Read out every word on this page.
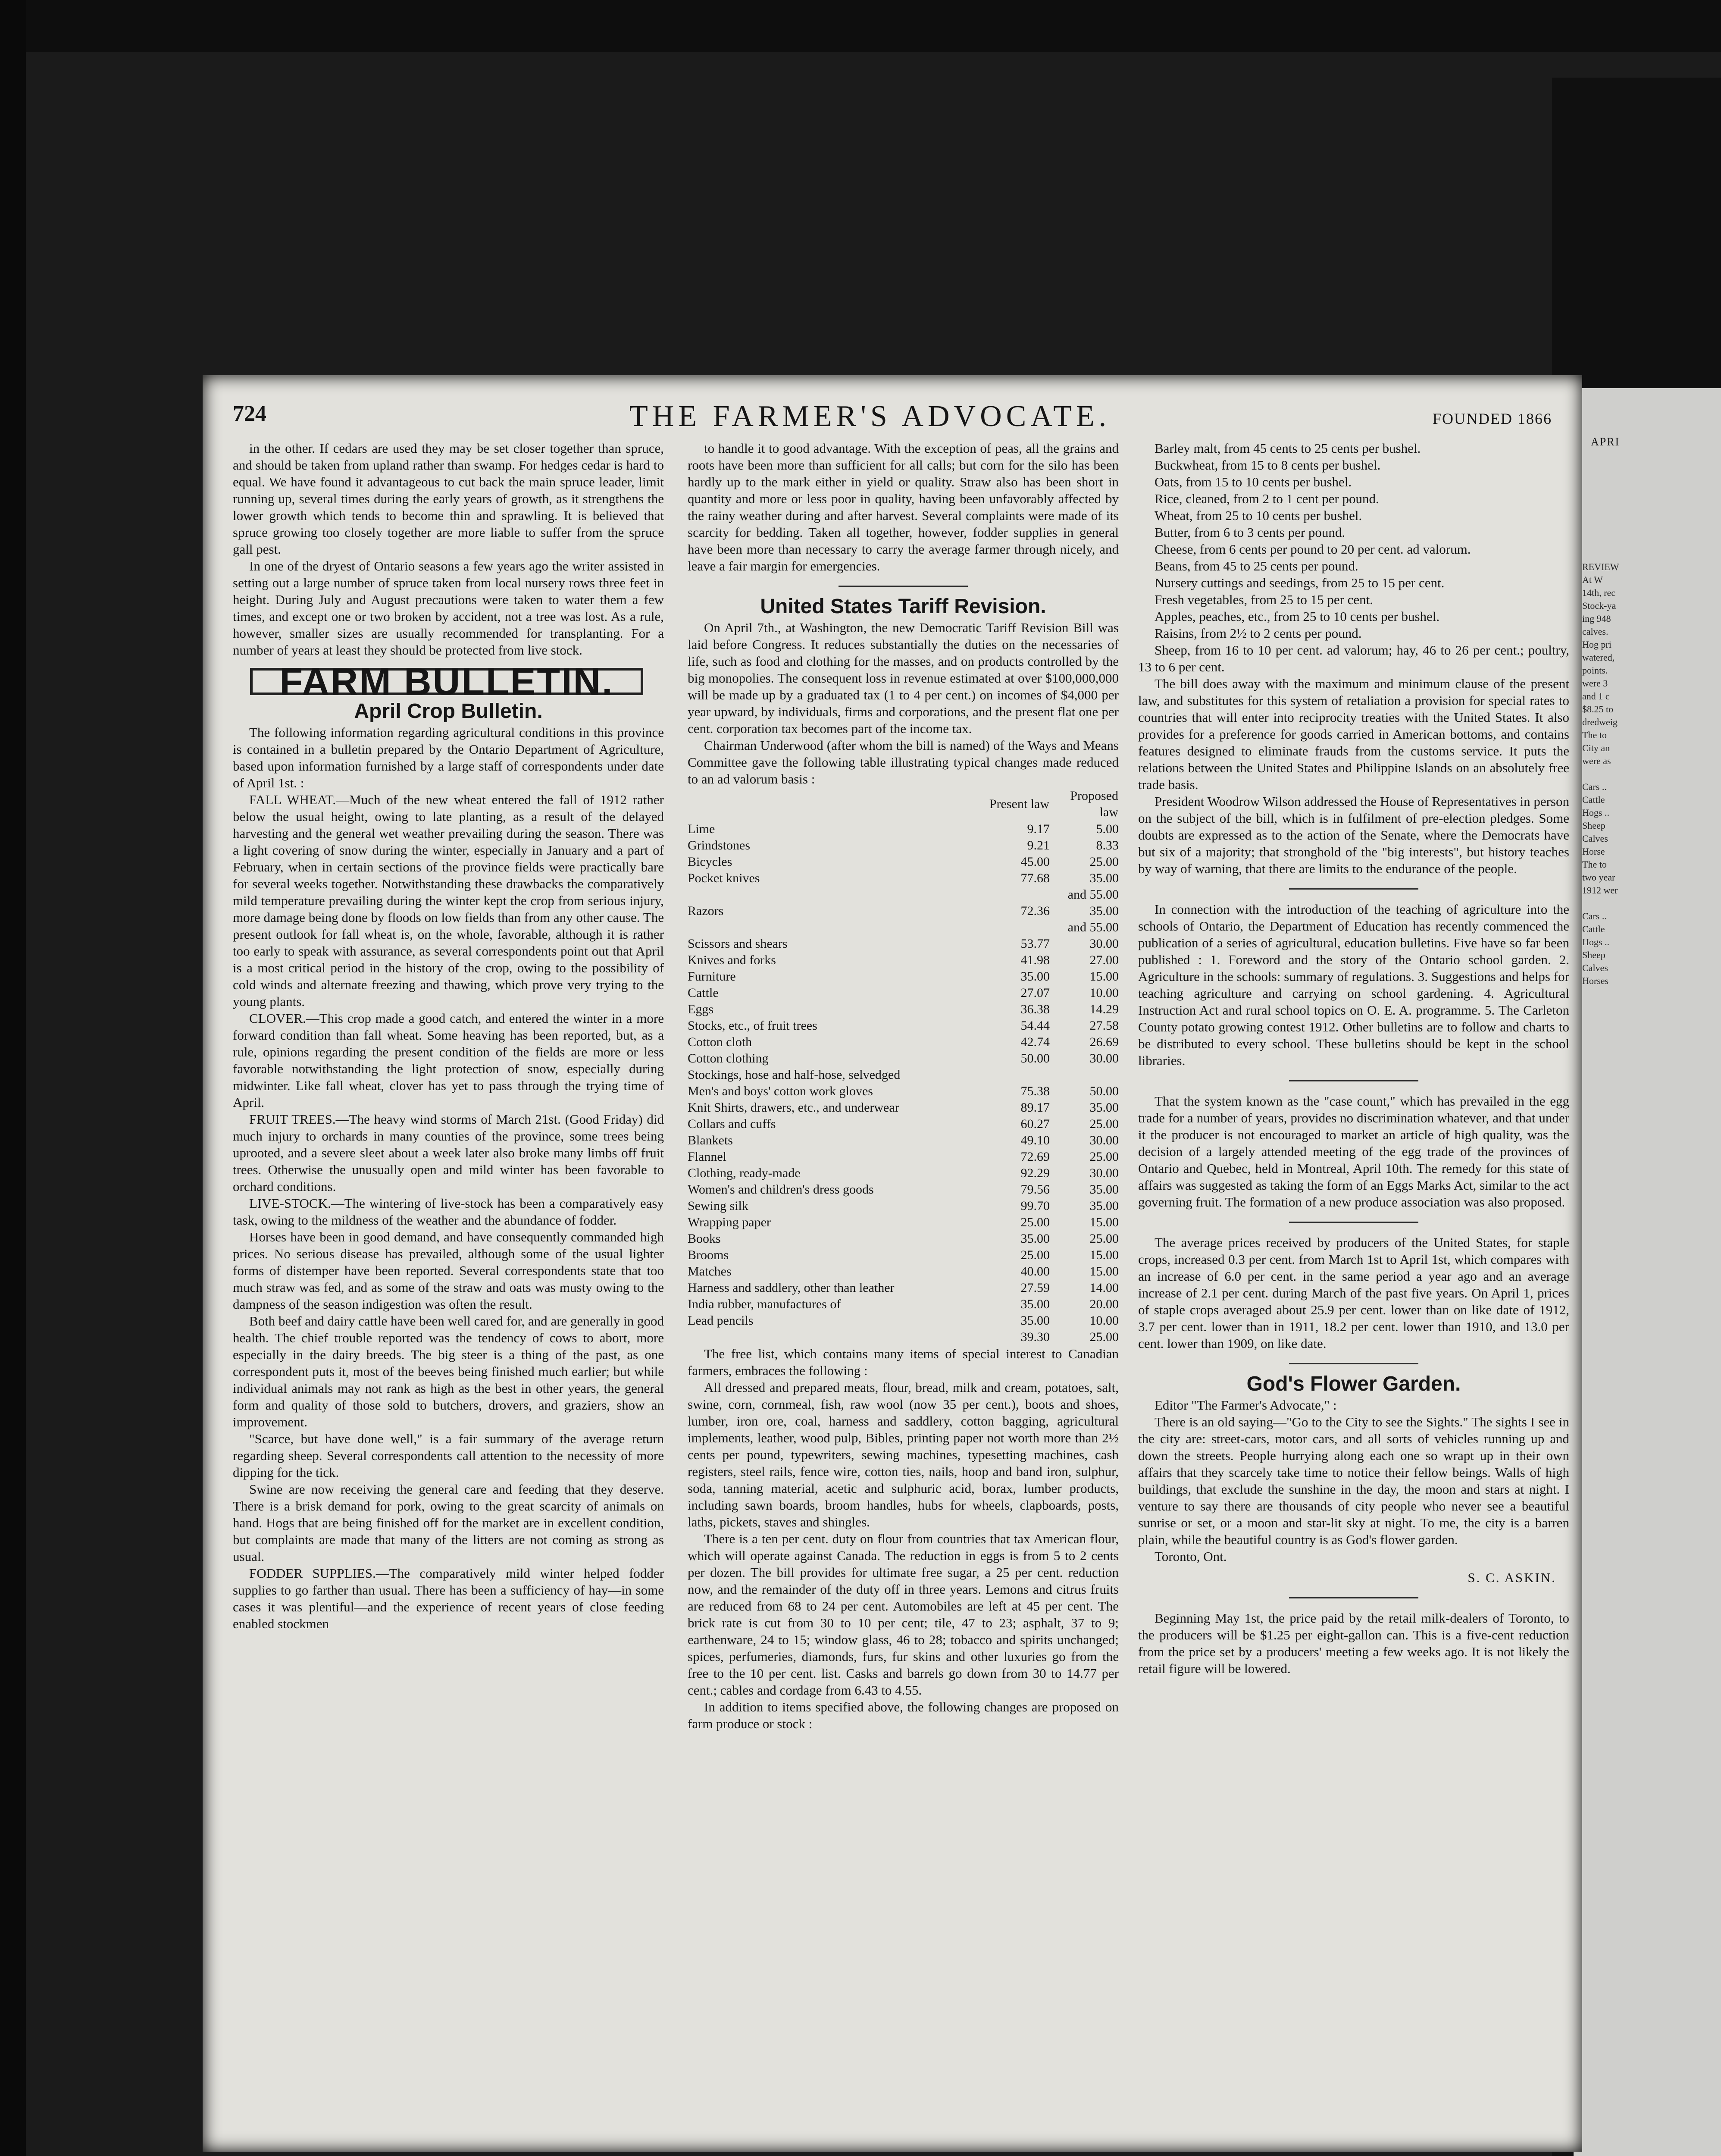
APRI
REVIEW
At W
14th, rec
Stock-ya
ing 948
calves.
Hog pri
watered,
points.
were 3
and 1 c
$8.25 to
dredweig
The to
City an
were as

Cars ..
Cattle
Hogs ..
Sheep
Calves
Horse
The to
two year
1912 wer

Cars ..
Cattle
Hogs ..
Sheep
Calves
Horses
724	THE FARMER'S ADVOCATE.	FOUNDED 1866

in the other. If cedars are used they may be set closer together than spruce, and should be taken from upland rather than swamp. For hedges cedar is hard to equal. We have found it advantageous to cut back the main spruce leader, limit running up, several times during the early years of growth, as it strengthens the lower growth which tends to become thin and sprawling. It is believed that spruce growing too closely together are more liable to suffer from the spruce gall pest.

In one of the dryest of Ontario seasons a few years ago the writer assisted in setting out a large number of spruce taken from local nursery rows three feet in height. During July and August precautions were taken to water them a few times, and except one or two broken by accident, not a tree was lost. As a rule, however, smaller sizes are usually recommended for transplanting. For a number of years at least they should be protected from live stock.

FARM BULLETIN.
April Crop Bulletin.

The following information regarding agricultural conditions in this province is contained in a bulletin prepared by the Ontario Department of Agriculture, based upon information furnished by a large staff of correspondents under date of April 1st. :

FALL WHEAT.—Much of the new wheat entered the fall of 1912 rather below the usual height, owing to late planting, as a result of the delayed harvesting and the general wet weather prevailing during the season. There was a light covering of snow during the winter, especially in January and a part of February, when in certain sections of the province fields were practically bare for several weeks together. Notwithstanding these drawbacks the comparatively mild temperature prevailing during the winter kept the crop from serious injury, more damage being done by floods on low fields than from any other cause. The present outlook for fall wheat is, on the whole, favorable, although it is rather too early to speak with assurance, as several correspondents point out that April is a most critical period in the history of the crop, owing to the possibility of cold winds and alternate freezing and thawing, which prove very trying to the young plants.

CLOVER.—This crop made a good catch, and entered the winter in a more forward condition than fall wheat. Some heaving has been reported, but, as a rule, opinions regarding the present condition of the fields are more or less favorable notwithstanding the light protection of snow, especially during midwinter. Like fall wheat, clover has yet to pass through the trying time of April.

FRUIT TREES.—The heavy wind storms of March 21st. (Good Friday) did much injury to orchards in many counties of the province, some trees being uprooted, and a severe sleet about a week later also broke many limbs off fruit trees. Otherwise the unusually open and mild winter has been favorable to orchard conditions.

LIVE-STOCK.—The wintering of live-stock has been a comparatively easy task, owing to the mildness of the weather and the abundance of fodder.

Horses have been in good demand, and have consequently commanded high prices. No serious disease has prevailed, although some of the usual lighter forms of distemper have been reported. Several correspondents state that too much straw was fed, and as some of the straw and oats was musty owing to the dampness of the season indigestion was often the result.

Both beef and dairy cattle have been well cared for, and are generally in good health. The chief trouble reported was the tendency of cows to abort, more especially in the dairy breeds. The big steer is a thing of the past, as one correspondent puts it, most of the beeves being finished much earlier; but while individual animals may not rank as high as the best in other years, the general form and quality of those sold to butchers, drovers, and graziers, show an improvement.

"Scarce, but have done well," is a fair summary of the average return regarding sheep. Several correspondents call attention to the necessity of more dipping for the tick.

Swine are now receiving the general care and feeding that they deserve. There is a brisk demand for pork, owing to the great scarcity of animals on hand. Hogs that are being finished off for the market are in excellent condition, but complaints are made that many of the litters are not coming as strong as usual.

FODDER SUPPLIES.—The comparatively mild winter helped fodder supplies to go farther than usual. There has been a sufficiency of hay—in some cases it was plentiful—and the experience of recent years of close feeding enabled stockmen

to handle it to good advantage. With the exception of peas, all the grains and roots have been more than sufficient for all calls; but corn for the silo has been hardly up to the mark either in yield or quality. Straw also has been short in quantity and more or less poor in quality, having been unfavorably affected by the rainy weather during and after harvest. Several complaints were made of its scarcity for bedding. Taken all together, however, fodder supplies in general have been more than necessary to carry the average farmer through nicely, and leave a fair margin for emergencies.

United States Tariff Revision.

On April 7th., at Washington, the new Democratic Tariff Revision Bill was laid before Congress. It reduces substantially the duties on the necessaries of life, such as food and clothing for the masses, and on products controlled by the big monopolies. The consequent loss in revenue estimated at over $100,000,000 will be made up by a graduated tax (1 to 4 per cent.) on incomes of $4,000 per year upward, by individuals, firms and corporations, and the present flat one per cent. corporation tax becomes part of the income tax.

Chairman Underwood (after whom the bill is named) of the Ways and Means Committee gave the following table illustrating typical changes made reduced to an ad valorum basis :

	Present law	Proposed law
Lime	9.17	5.00
Grindstones	9.21	8.33
Bicycles	45.00	25.00
Pocket knives	77.68	35.00
		and 55.00
Razors	72.36	35.00
		and 55.00
Scissors and shears	53.77	30.00
Knives and forks	41.98	27.00
Furniture	35.00	15.00
Cattle	27.07	10.00
Eggs	36.38	14.29
Stocks, etc., of fruit trees	54.44	27.58
Cotton cloth	42.74	26.69
Cotton clothing	50.00	30.00
Stockings, hose and half-hose, selvedged		
Men's and boys' cotton work gloves	75.38	50.00
Knit Shirts, drawers, etc., and underwear	89.17	35.00
Collars and cuffs	60.27	25.00
Blankets	49.10	30.00
Flannel	72.69	25.00
Clothing, ready-made	92.29	30.00
Women's and children's dress goods	79.56	35.00
Sewing silk	99.70	35.00
Wrapping paper	25.00	15.00
Books	35.00	25.00
Brooms	25.00	15.00
Matches	40.00	15.00
Harness and saddlery, other than leather	27.59	14.00
India rubber, manufactures of	35.00	20.00
Lead pencils	35.00	10.00
	39.30	25.00

The free list, which contains many items of special interest to Canadian farmers, embraces the following :

All dressed and prepared meats, flour, bread, milk and cream, potatoes, salt, swine, corn, cornmeal, fish, raw wool (now 35 per cent.), boots and shoes, lumber, iron ore, coal, harness and saddlery, cotton bagging, agricultural implements, leather, wood pulp, Bibles, printing paper not worth more than 2½ cents per pound, typewriters, sewing machines, typesetting machines, cash registers, steel rails, fence wire, cotton ties, nails, hoop and band iron, sulphur, soda, tanning material, acetic and sulphuric acid, borax, lumber products, including sawn boards, broom handles, hubs for wheels, clapboards, posts, laths, pickets, staves and shingles.

There is a ten per cent. duty on flour from countries that tax American flour, which will operate against Canada. The reduction in eggs is from 5 to 2 cents per dozen. The bill provides for ultimate free sugar, a 25 per cent. reduction now, and the remainder of the duty off in three years. Lemons and citrus fruits are reduced from 68 to 24 per cent. Automobiles are left at 45 per cent. The brick rate is cut from 30 to 10 per cent; tile, 47 to 23; asphalt, 37 to 9; earthenware, 24 to 15; window glass, 46 to 28; tobacco and spirits unchanged; spices, perfumeries, diamonds, furs, fur skins and other luxuries go from the free to the 10 per cent. list. Casks and barrels go down from 30 to 14.77 per cent.; cables and cordage from 6.43 to 4.55.

In addition to items specified above, the following changes are proposed on farm produce or stock :

Barley malt, from 45 cents to 25 cents per bushel.

Buckwheat, from 15 to 8 cents per bushel.

Oats, from 15 to 10 cents per bushel.

Rice, cleaned, from 2 to 1 cent per pound.

Wheat, from 25 to 10 cents per bushel.

Butter, from 6 to 3 cents per pound.

Cheese, from 6 cents per pound to 20 per cent. ad valorum.

Beans, from 45 to 25 cents per pound.

Nursery cuttings and seedings, from 25 to 15 per cent.

Fresh vegetables, from 25 to 15 per cent.

Apples, peaches, etc., from 25 to 10 cents per bushel.

Raisins, from 2½ to 2 cents per pound.

Sheep, from 16 to 10 per cent. ad valorum; hay, 46 to 26 per cent.; poultry, 13 to 6 per cent.

The bill does away with the maximum and minimum clause of the present law, and substitutes for this system of retaliation a provision for special rates to countries that will enter into reciprocity treaties with the United States. It also provides for a preference for goods carried in American bottoms, and contains features designed to eliminate frauds from the customs service. It puts the relations between the United States and Philippine Islands on an absolutely free trade basis.

President Woodrow Wilson addressed the House of Representatives in person on the subject of the bill, which is in fulfilment of pre-election pledges. Some doubts are expressed as to the action of the Senate, where the Democrats have but six of a majority; that stronghold of the "big interests", but history teaches by way of warning, that there are limits to the endurance of the people.

In connection with the introduction of the teaching of agriculture into the schools of Ontario, the Department of Education has recently commenced the publication of a series of agricultural, education bulletins. Five have so far been published : 1. Foreword and the story of the Ontario school garden. 2. Agriculture in the schools: summary of regulations. 3. Suggestions and helps for teaching agriculture and carrying on school gardening. 4. Agricultural Instruction Act and rural school topics on O. E. A. programme. 5. The Carleton County potato growing contest 1912. Other bulletins are to follow and charts to be distributed to every school. These bulletins should be kept in the school libraries.

That the system known as the "case count," which has prevailed in the egg trade for a number of years, provides no discrimination whatever, and that under it the producer is not encouraged to market an article of high quality, was the decision of a largely attended meeting of the egg trade of the provinces of Ontario and Quebec, held in Montreal, April 10th. The remedy for this state of affairs was suggested as taking the form of an Eggs Marks Act, similar to the act governing fruit. The formation of a new produce association was also proposed.

The average prices received by producers of the United States, for staple crops, increased 0.3 per cent. from March 1st to April 1st, which compares with an increase of 6.0 per cent. in the same period a year ago and an average increase of 2.1 per cent. during March of the past five years. On April 1, prices of staple crops averaged about 25.9 per cent. lower than on like date of 1912, 3.7 per cent. lower than in 1911, 18.2 per cent. lower than 1910, and 13.0 per cent. lower than 1909, on like date.

God's Flower Garden.

Editor "The Farmer's Advocate," :

There is an old saying—"Go to the City to see the Sights." The sights I see in the city are: street-cars, motor cars, and all sorts of vehicles running up and down the streets. People hurrying along each one so wrapt up in their own affairs that they scarcely take time to notice their fellow beings. Walls of high buildings, that exclude the sunshine in the day, the moon and stars at night. I venture to say there are thousands of city people who never see a beautiful sunrise or set, or a moon and star-lit sky at night. To me, the city is a barren plain, while the beautiful country is as God's flower garden.

Toronto, Ont.

S. C. ASKIN.

Beginning May 1st, the price paid by the retail milk-dealers of Toronto, to the producers will be $1.25 per eight-gallon can. This is a five-cent reduction from the price set by a producers' meeting a few weeks ago. It is not likely the retail figure will be lowered.
